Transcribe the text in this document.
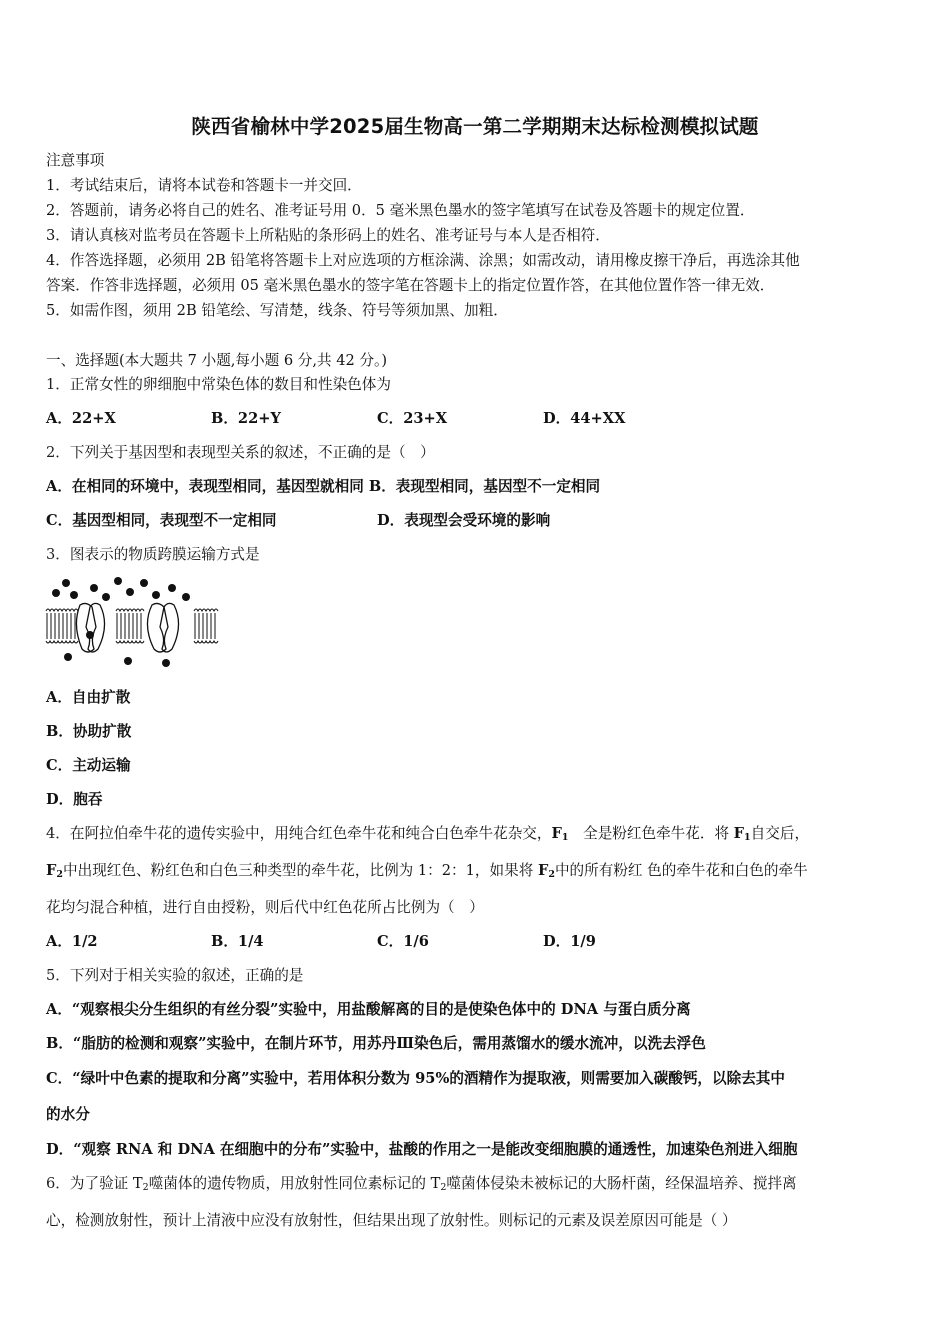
陕西省榆林中学2025届生物高一第二学期期末达标检测模拟试题
注意事项
1．考试结束后，请将本试卷和答题卡一并交回．
2．答题前，请务必将自己的姓名、准考证号用 0．5 毫米黑色墨水的签字笔填写在试卷及答题卡的规定位置．
3．请认真核对监考员在答题卡上所粘贴的条形码上的姓名、准考证号与本人是否相符．
4．作答选择题，必须用 2B 铅笔将答题卡上对应选项的方框涂满、涂黑；如需改动，请用橡皮擦干净后，再选涂其他
答案．作答非选择题，必须用 05 毫米黑色墨水的签字笔在答题卡上的指定位置作答，在其他位置作答一律无效．
5．如需作图，须用 2B 铅笔绘、写清楚，线条、符号等须加黑、加粗．
一、选择题(本大题共 7 小题,每小题 6 分,共 42 分。)
1．正常女性的卵细胞中常染色体的数目和性染色体为
A．22+X	B．22+Y	C．23+X	D．44+XX
2．下列关于基因型和表现型关系的叙述，不正确的是（　）
A．在相同的环境中，表现型相同，基因型就相同 B．表现型相同，基因型不一定相同
C．基因型相同，表现型不一定相同	D．表现型会受环境的影响
3．图表示的物质跨膜运输方式是
A．自由扩散
B．协助扩散
C．主动运输
D．胞吞
4．在阿拉伯牵牛花的遗传实验中，用纯合红色牵牛花和纯合白色牵牛花杂交，$F_1$　全是粉红色牵牛花．将 $F_1$自交后，
$F_2$中出现红色、粉红色和白色三种类型的牵牛花，比例为 1：2：1，如果将 $F_2$中的所有粉红 色的牵牛花和白色的牵牛
花均匀混合种植，进行自由授粉，则后代中红色花所占比例为（　）
A．1/2	B．1/4	C．1/6	D．1/9
5．下列对于相关实验的叙述，正确的是
A．“观察根尖分生组织的有丝分裂”实验中，用盐酸解离的目的是使染色体中的 DNA 与蛋白质分离
B．“脂肪的检测和观察”实验中，在制片环节，用苏丹Ⅲ染色后，需用蒸馏水的缓水流冲，以洗去浮色
C．“绿叶中色素的提取和分离”实验中，若用体积分数为 95%的酒精作为提取液，则需要加入碳酸钙，以除去其中
的水分
D．“观察 RNA 和 DNA 在细胞中的分布”实验中，盐酸的作用之一是能改变细胞膜的通透性，加速染色剂进入细胞
6．为了验证 $T_2$噬菌体的遗传物质，用放射性同位素标记的 $T_2$噬菌体侵染未被标记的大肠杆菌，经保温培养、搅拌离
心，检测放射性，预计上清液中应没有放射性，但结果出现了放射性。则标记的元素及误差原因可能是（ ）
